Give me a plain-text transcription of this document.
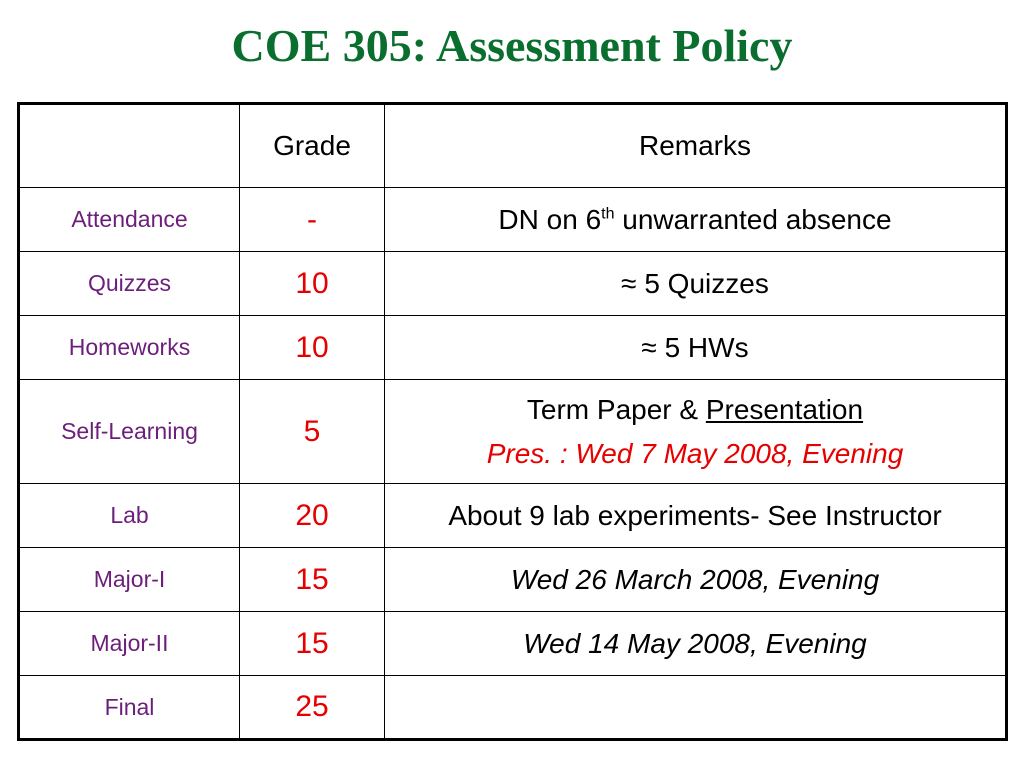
COE 305: Assessment Policy
	Grade	Remarks
Attendance	-	DN on 6th unwarranted absence
Quizzes	10	≈ 5 Quizzes
Homeworks	10	≈ 5 HWs
Self-Learning	5	Term Paper & Presentation
Pres. : Wed 7 May 2008, Evening

Lab	20	About 9 lab experiments- See Instructor
Major-I	15	Wed 26 March 2008, Evening
Major-II	15	Wed 14 May 2008, Evening
Final	25	
